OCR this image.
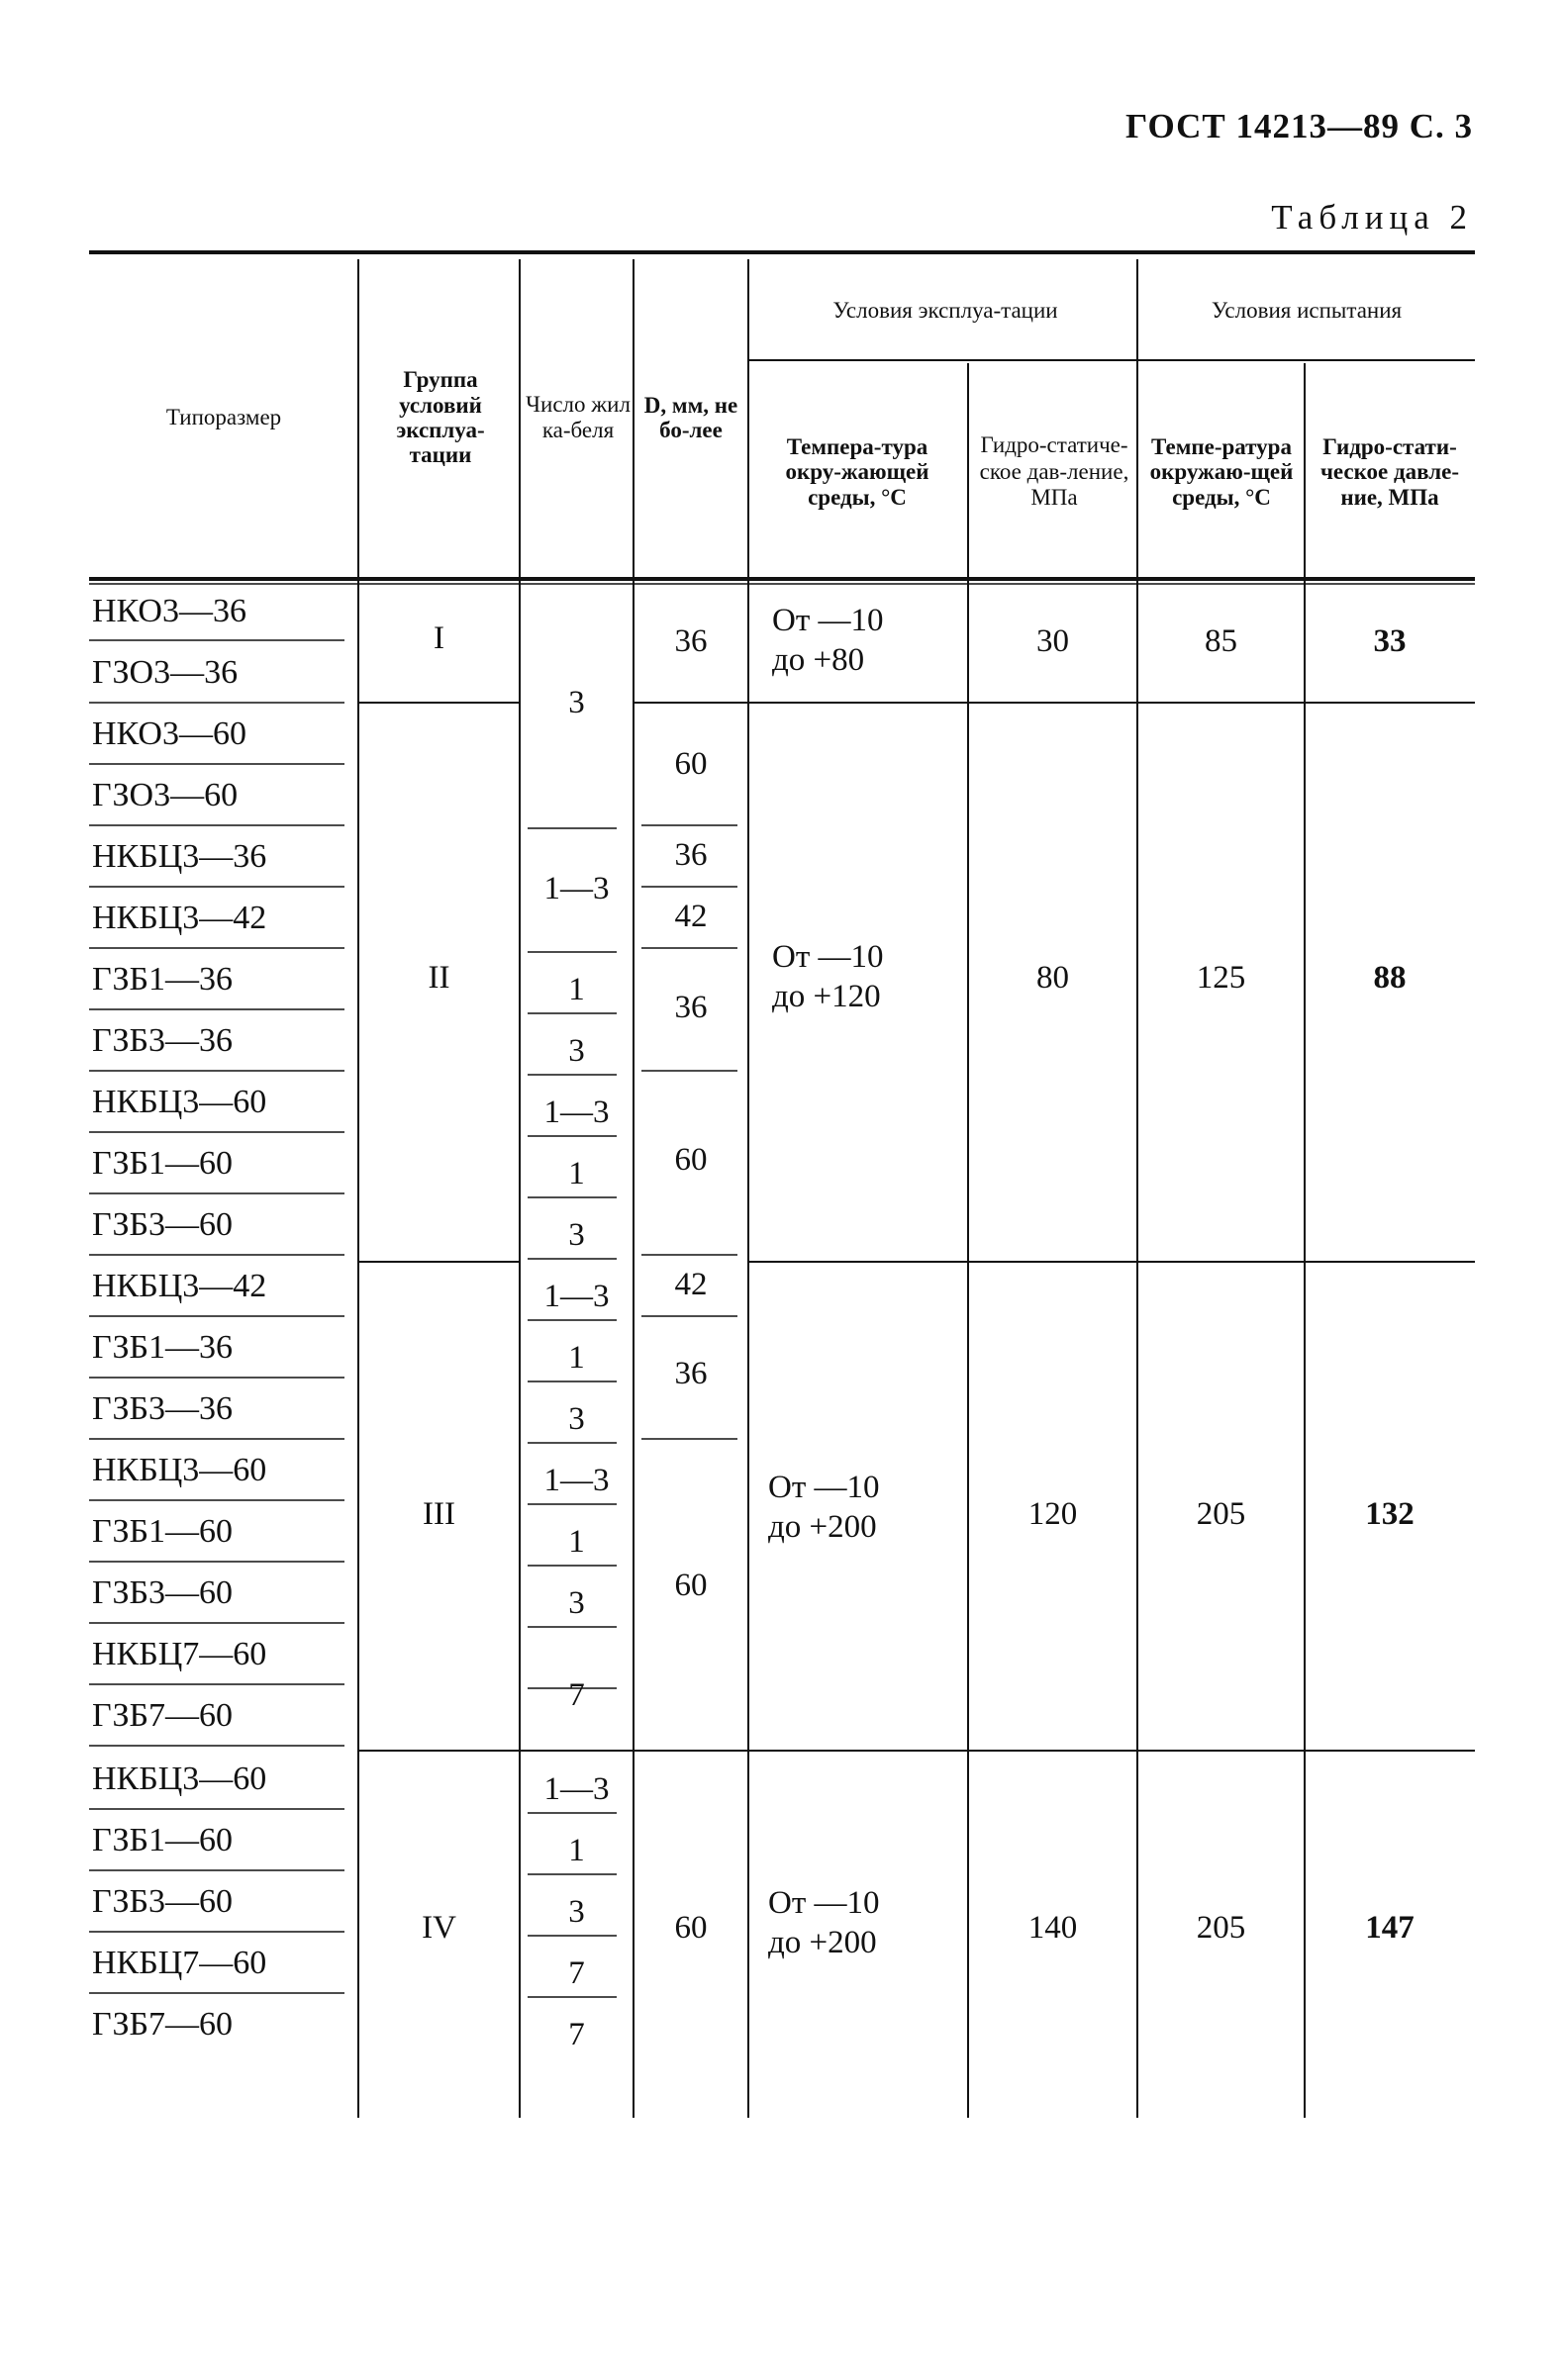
ГОСТ 14213—89 С. 3
Таблица 2
Типоразмер
Группа условий эксплуа-тации
Число жил ка-беля
D, мм, не бо-лее
Условия эксплуа-тации
Темпера-тура окру-жающей среды, °С
Гидро-статиче-ское дав-ление, МПа
Условия испытания
Темпе-ратура окружаю-щей среды, °С
Гидро-стати-ческое давле-ние, МПа
НКО3—36
ГЗО3—36
НКО3—60
ГЗО3—60
НКБЦ3—36
НКБЦ3—42
ГЗБ1—36
ГЗБ3—36
НКБЦ3—60
ГЗБ1—60
ГЗБ3—60
НКБЦ3—42
ГЗБ1—36
ГЗБ3—36
НКБЦ3—60
ГЗБ1—60
ГЗБ3—60
НКБЦ7—60
ГЗБ7—60
НКБЦ3—60
ГЗБ1—60
ГЗБ3—60
НКБЦ7—60
ГЗБ7—60
I
II
III
IV
3
1—3
1
3
1—3
1
3
1—3
1
3
1—3
1
3
7
1—3
1
3
7
7
36
60
36
42
36
60
42
36
60
60
От —10
до +80
От —10
до +120
От —10
до +200
От —10
до +200
30
80
120
140
85
125
205
205
33
88
132
147
